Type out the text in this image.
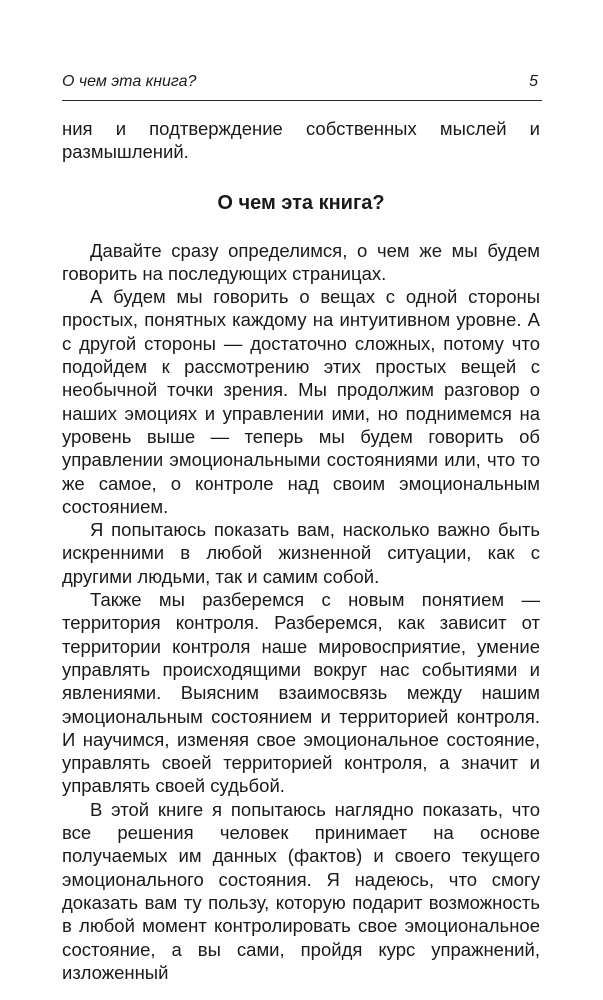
О чем эта книга?	5

ния и подтверждение собственных мыслей и размышлений.

О чем эта книга?

Давайте сразу определимся, о чем же мы будем говорить на последующих страницах.

А будем мы говорить о вещах с одной стороны простых, понятных каждому на интуитивном уровне. А с другой стороны — достаточно сложных, потому что подойдем к рассмотрению этих простых вещей с необычной точки зрения. Мы продолжим разговор о наших эмоциях и управлении ими, но поднимемся на уровень выше — теперь мы будем говорить об управлении эмоциональными состояниями или, что то же самое, о контроле над своим эмоциональным состоянием.

Я попытаюсь показать вам, насколько важно быть искренними в любой жизненной ситуации, как с другими людьми, так и самим собой.

Также мы разберемся с новым понятием — территория контроля. Разберемся, как зависит от территории контроля наше мировосприятие, умение управлять происходящими вокруг нас событиями и явлениями. Выясним взаимосвязь между нашим эмоциональным состоянием и территорией контроля. И научимся, изменяя свое эмоциональное состояние, управлять своей территорией контроля, а значит и управлять своей судьбой.

В этой книге я попытаюсь наглядно показать, что все решения человек принимает на основе получаемых им данных (фактов) и своего текущего эмоционального состояния. Я надеюсь, что смогу доказать вам ту пользу, которую подарит возможность в любой момент контролировать свое эмоциональное состояние, а вы сами, пройдя курс упражнений, изложенный
